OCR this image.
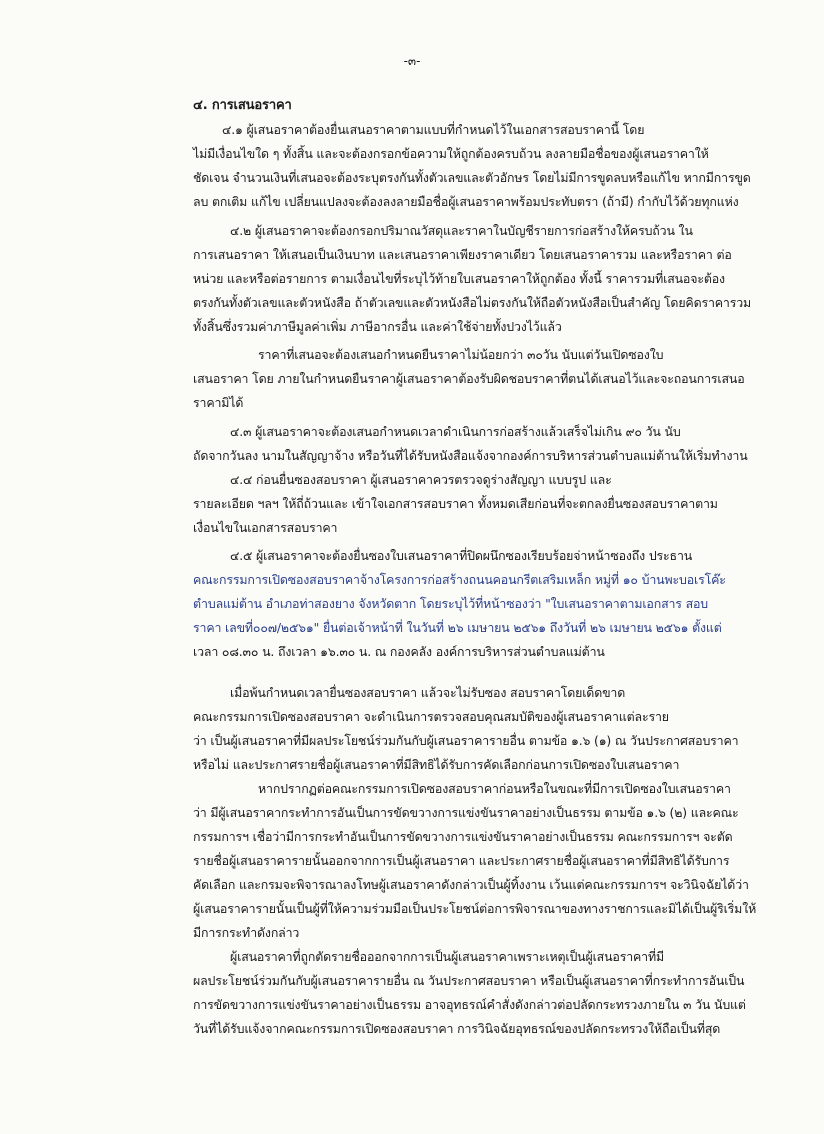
-๓-
๔. การเสนอราคา
๔.๑ ผู้เสนอราคาต้องยื่นเสนอราคาตามแบบที่กำหนดไว้ในเอกสารสอบราคานี้ โดย
ไม่มีเงื่อนไขใด ๆ ทั้งสิ้น และจะต้องกรอกข้อความให้ถูกต้องครบถ้วน ลงลายมือชื่อของผู้เสนอราคาให้
ชัดเจน จำนวนเงินที่เสนอจะต้องระบุตรงกันทั้งตัวเลขและตัวอักษร โดยไม่มีการขูดลบหรือแก้ไข หากมีการขูด
ลบ ตกเติม แก้ไข เปลี่ยนแปลงจะต้องลงลายมือชื่อผู้เสนอราคาพร้อมประทับตรา (ถ้ามี) กำกับไว้ด้วยทุกแห่ง
๔.๒ ผู้เสนอราคาจะต้องกรอกปริมาณวัสดุและราคาในบัญชีรายการก่อสร้างให้ครบถ้วน ใน
การเสนอราคา ให้เสนอเป็นเงินบาท และเสนอราคาเพียงราคาเดียว โดยเสนอราคารวม และหรือราคา ต่อ
หน่วย และหรือต่อรายการ ตามเงื่อนไขที่ระบุไว้ท้ายใบเสนอราคาให้ถูกต้อง ทั้งนี้ ราคารวมที่เสนอจะต้อง
ตรงกันทั้งตัวเลขและตัวหนังสือ ถ้าตัวเลขและตัวหนังสือไม่ตรงกันให้ถือตัวหนังสือเป็นสำคัญ โดยคิดราคารวม
ทั้งสิ้นซึ่งรวมค่าภาษีมูลค่าเพิ่ม ภาษีอากรอื่น และค่าใช้จ่ายทั้งปวงไว้แล้ว
ราคาที่เสนอจะต้องเสนอกำหนดยืนราคาไม่น้อยกว่า ๓๐วัน นับแต่วันเปิดซองใบ
เสนอราคา โดย ภายในกำหนดยืนราคาผู้เสนอราคาต้องรับผิดชอบราคาที่ตนได้เสนอไว้และจะถอนการเสนอ
ราคามิได้
๔.๓ ผู้เสนอราคาจะต้องเสนอกำหนดเวลาดำเนินการก่อสร้างแล้วเสร็จไม่เกิน ๙๐ วัน นับ
ถัดจากวันลง นามในสัญญาจ้าง หรือวันที่ได้รับหนังสือแจ้งจากองค์การบริหารส่วนตำบลแม่ต้านให้เริ่มทำงาน
๔.๔ ก่อนยื่นซองสอบราคา ผู้เสนอราคาควรตรวจดูร่างสัญญา แบบรูป และ
รายละเอียด ฯลฯ ให้ถี่ถ้วนและ เข้าใจเอกสารสอบราคา ทั้งหมดเสียก่อนที่จะตกลงยื่นซองสอบราคาตาม
เงื่อนไขในเอกสารสอบราคา
๔.๕ ผู้เสนอราคาจะต้องยื่นซองใบเสนอราคาที่ปิดผนึกซองเรียบร้อยจ่าหน้าซองถึง ประธาน
คณะกรรมการเปิดซองสอบราคาจ้างโครงการก่อสร้างถนนคอนกรีตเสริมเหล็ก หมู่ที่ ๑๐ บ้านพะบอเรโค๊ะ
ตำบลแม่ต้าน อำเภอท่าสองยาง จังหวัดตาก โดยระบุไว้ที่หน้าซองว่า "ใบเสนอราคาตามเอกสาร สอบ
ราคา เลขที่๐๐๗/๒๕๖๑" ยื่นต่อเจ้าหน้าที่ ในวันที่ ๒๖ เมษายน ๒๕๖๑ ถึงวันที่ ๒๖ เมษายน ๒๕๖๑ ตั้งแต่
เวลา ๐๘.๓๐ น. ถึงเวลา ๑๖.๓๐ น. ณ กองคลัง องค์การบริหารส่วนตำบลแม่ต้าน
เมื่อพ้นกำหนดเวลายื่นซองสอบราคา แล้วจะไม่รับซอง สอบราคาโดยเด็ดขาด
คณะกรรมการเปิดซองสอบราคา จะดำเนินการตรวจสอบคุณสมบัติของผู้เสนอราคาแต่ละราย
ว่า เป็นผู้เสนอราคาที่มีผลประโยชน์ร่วมกันกับผู้เสนอราคารายอื่น ตามข้อ ๑.๖ (๑) ณ วันประกาศสอบราคา
หรือไม่ และประกาศรายชื่อผู้เสนอราคาที่มีสิทธิได้รับการคัดเลือกก่อนการเปิดซองใบเสนอราคา
หากปรากฏต่อคณะกรรมการเปิดซองสอบราคาก่อนหรือในขณะที่มีการเปิดซองใบเสนอราคา
ว่า มีผู้เสนอราคากระทำการอันเป็นการขัดขวางการแข่งขันราคาอย่างเป็นธรรม ตามข้อ ๑.๖ (๒) และคณะ
กรรมการฯ เชื่อว่ามีการกระทำอันเป็นการขัดขวางการแข่งขันราคาอย่างเป็นธรรม คณะกรรมการฯ จะตัด
รายชื่อผู้เสนอราคารายนั้นออกจากการเป็นผู้เสนอราคา และประกาศรายชื่อผู้เสนอราคาที่มีสิทธิได้รับการ
คัดเลือก และกรมจะพิจารณาลงโทษผู้เสนอราคาดังกล่าวเป็นผู้ทิ้งงาน เว้นแต่คณะกรรมการฯ จะวินิจฉัยได้ว่า
ผู้เสนอราคารายนั้นเป็นผู้ที่ให้ความร่วมมือเป็นประโยชน์ต่อการพิจารณาของทางราชการและมิได้เป็นผู้ริเริ่มให้
มีการกระทำดังกล่าว
ผู้เสนอราคาที่ถูกตัดรายชื่อออกจากการเป็นผู้เสนอราคาเพราะเหตุเป็นผู้เสนอราคาที่มี
ผลประโยชน์ร่วมกันกับผู้เสนอราคารายอื่น ณ วันประกาศสอบราคา หรือเป็นผู้เสนอราคาที่กระทำการอันเป็น
การขัดขวางการแข่งขันราคาอย่างเป็นธรรม อาจอุทธรณ์คำสั่งดังกล่าวต่อปลัดกระทรวงภายใน ๓ วัน นับแต่
วันที่ได้รับแจ้งจากคณะกรรมการเปิดซองสอบราคา การวินิจฉัยอุทธรณ์ของปลัดกระทรวงให้ถือเป็นที่สุด
